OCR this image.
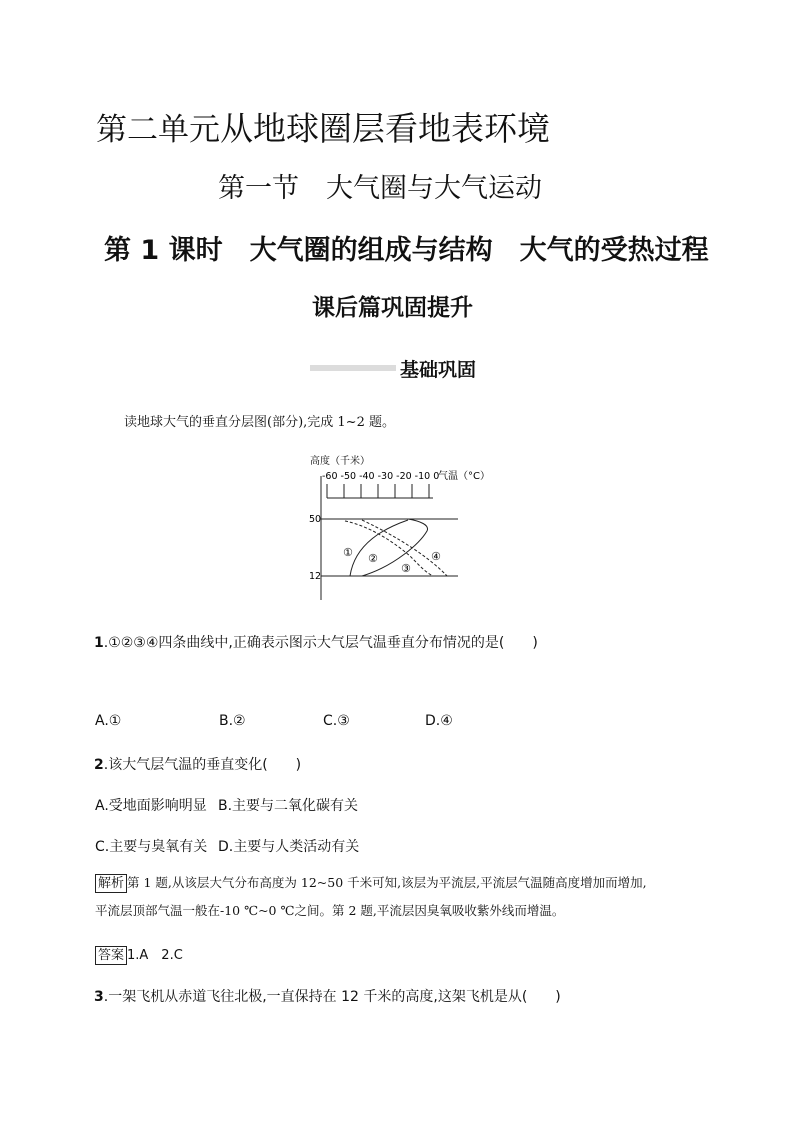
第二单元从地球圈层看地表环境
第一节　大气圈与大气运动
第 1 课时　大气圈的组成与结构　大气的受热过程
课后篇巩固提升
基础巩固
读地球大气的垂直分层图(部分),完成 1~2 题。
高度（千米）
-60 -50 -40 -30 -20 -10 0
气温（°C）
50
12
① ②
③
④
1.①②③④四条曲线中,正确表示图示大气层气温垂直分布情况的是(　　)
A.①	B.②	C.③	D.④
2.该大气层气温的垂直变化(　　)
A.受地面影响明显 B.主要与二氧化碳有关
C.主要与臭氧有关 D.主要与人类活动有关
解析 第 1 题,从该层大气分布高度为 12~50 千米可知,该层为平流层,平流层气温随高度增加而增加,
平流层顶部气温一般在-10 ℃~0 ℃之间。第 2 题,平流层因臭氧吸收紫外线而增温。
答案 1.A　2.C
3.一架飞机从赤道飞往北极,一直保持在 12 千米的高度,这架飞机是从(　　)
